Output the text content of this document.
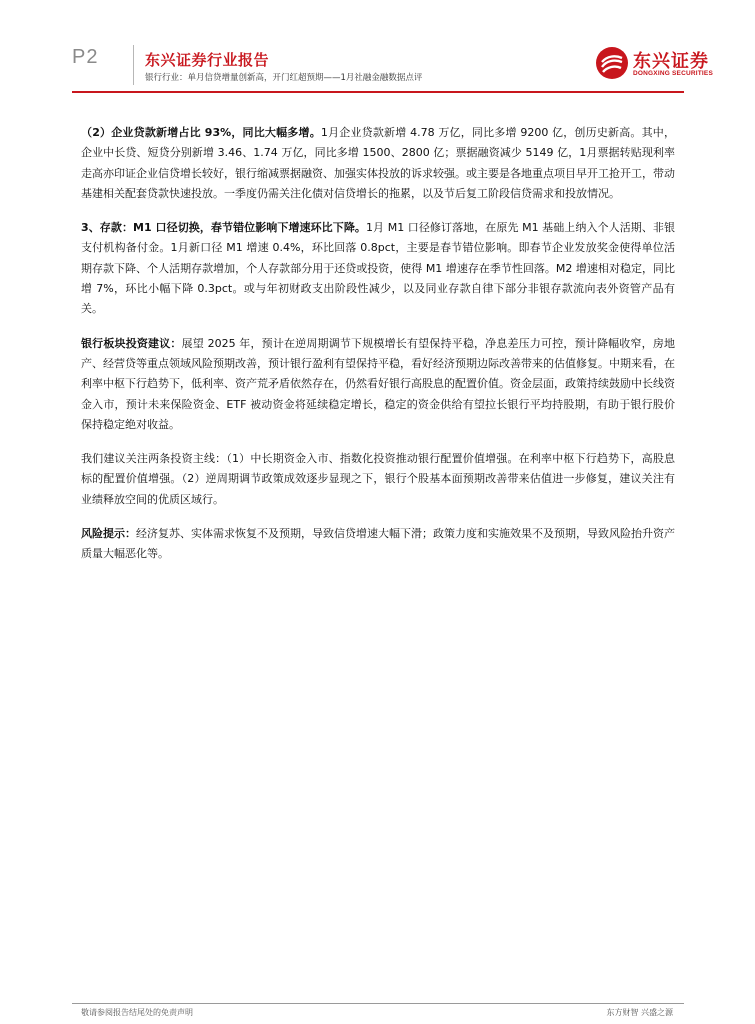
P2	东兴证券行业报告
银行行业：单月信贷增量创新高，开门红超预期——1月社融金融数据点评
东兴证券
DONGXING SECURITIES

（2）企业贷款新增占比 93%，同比大幅多增。1月企业贷款新增 4.78 万亿，同比多增 9200 亿，创历史新高。其中，企业中长贷、短贷分别新增 3.46、1.74 万亿，同比多增 1500、2800 亿；票据融资减少 5149 亿，1月票据转贴现利率走高亦印证企业信贷增长较好，银行缩减票据融资、加强实体投放的诉求较强。或主要是各地重点项目早开工抢开工，带动基建相关配套贷款快速投放。一季度仍需关注化债对信贷增长的拖累，以及节后复工阶段信贷需求和投放情况。

3、存款：M1 口径切换，春节错位影响下增速环比下降。1月 M1 口径修订落地，在原先 M1 基础上纳入个人活期、非银支付机构备付金。1月新口径 M1 增速 0.4%，环比回落 0.8pct，主要是春节错位影响。即春节企业发放奖金使得单位活期存款下降、个人活期存款增加，个人存款部分用于还贷或投资，使得 M1 增速存在季节性回落。M2 增速相对稳定，同比增 7%，环比小幅下降 0.3pct。或与年初财政支出阶段性减少，以及同业存款自律下部分非银存款流向表外资管产品有关。

银行板块投资建议：展望 2025 年，预计在逆周期调节下规模增长有望保持平稳，净息差压力可控，预计降幅收窄，房地产、经营贷等重点领域风险预期改善，预计银行盈利有望保持平稳，看好经济预期边际改善带来的估值修复。中期来看，在利率中枢下行趋势下，低利率、资产荒矛盾依然存在，仍然看好银行高股息的配置价值。资金层面，政策持续鼓励中长线资金入市，预计未来保险资金、ETF 被动资金将延续稳定增长，稳定的资金供给有望拉长银行平均持股期，有助于银行股价保持稳定绝对收益。

我们建议关注两条投资主线：（1）中长期资金入市、指数化投资推动银行配置价值增强。在利率中枢下行趋势下，高股息标的配置价值增强。（2）逆周期调节政策成效逐步显现之下，银行个股基本面预期改善带来估值进一步修复，建议关注有业绩释放空间的优质区域行。

风险提示：经济复苏、实体需求恢复不及预期，导致信贷增速大幅下滑；政策力度和实施效果不及预期，导致风险抬升资产质量大幅恶化等。

敬请参阅报告结尾处的免责声明	东方财智 兴盛之源
